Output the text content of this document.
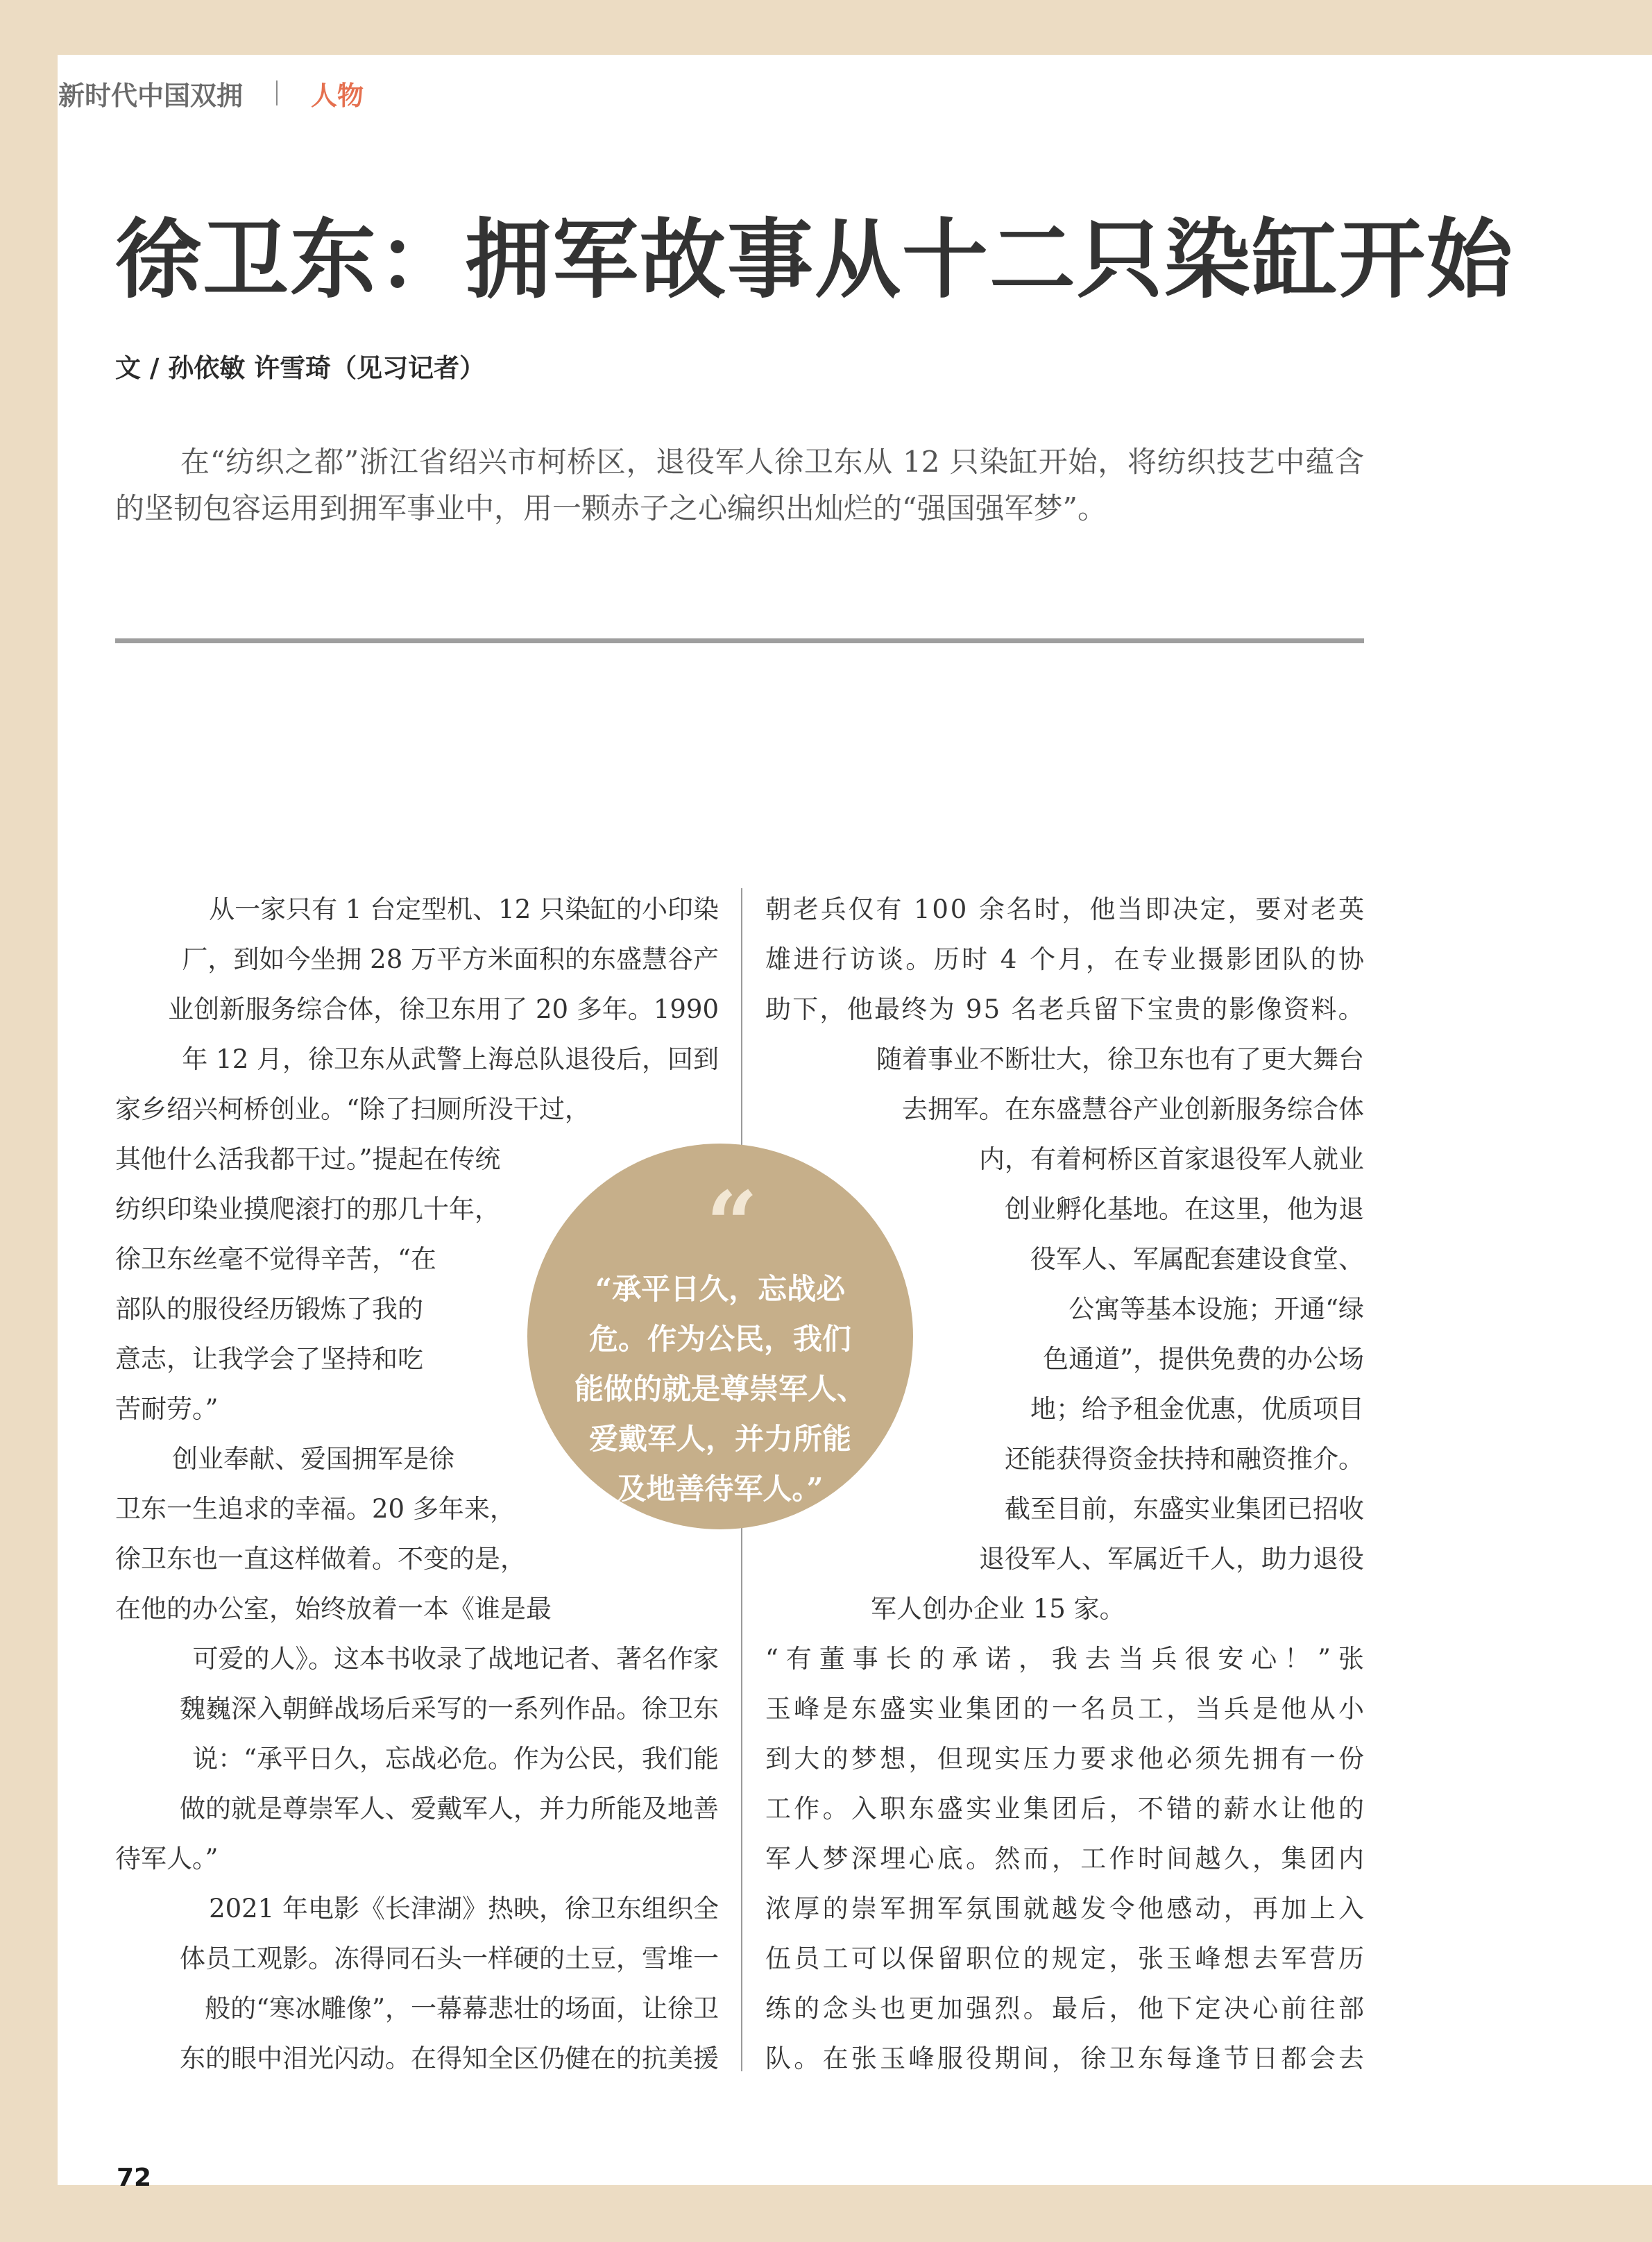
新时代中国双拥	人物
徐卫东：拥军故事从十二只染缸开始
文 / 孙依敏 许雪琦（见习记者）
在“纺织之都”浙江省绍兴市柯桥区，退役军人徐卫东从 12 只染缸开始，将纺织技艺中蕴含的坚韧包容运用到拥军事业中，用一颗赤子之心编织出灿烂的“强国强军梦”。
从一家只有 1 台定型机、12 只染缸的小印染
厂，到如今坐拥 28 万平方米面积的东盛慧谷产
业创新服务综合体，徐卫东用了 20 多年。1990
年 12 月，徐卫东从武警上海总队退役后，回到
家乡绍兴柯桥创业。“除了扫厕所没干过，
其他什么活我都干过。”提起在传统
纺织印染业摸爬滚打的那几十年，
徐卫东丝毫不觉得辛苦，“在
部队的服役经历锻炼了我的
意志，让我学会了坚持和吃
苦耐劳。”
创业奉献、爱国拥军是徐
卫东一生追求的幸福。20 多年来，
徐卫东也一直这样做着。不变的是，
在他的办公室，始终放着一本《谁是最
可爱的人》。这本书收录了战地记者、著名作家
魏巍深入朝鲜战场后采写的一系列作品。徐卫东
说：“承平日久，忘战必危。作为公民，我们能
做的就是尊崇军人、爱戴军人，并力所能及地善
待军人。”
2021 年电影《长津湖》热映，徐卫东组织全
体员工观影。冻得同石头一样硬的土豆，雪堆一
般的“寒冰雕像”，一幕幕悲壮的场面，让徐卫
东的眼中泪光闪动。在得知全区仍健在的抗美援
朝老兵仅有 100 余名时，他当即决定，要对老英
雄进行访谈。历时 4 个月，在专业摄影团队的协
助下，他最终为 95 名老兵留下宝贵的影像资料。
随着事业不断壮大，徐卫东也有了更大舞台
去拥军。在东盛慧谷产业创新服务综合体
内，有着柯桥区首家退役军人就业
创业孵化基地。在这里，他为退
役军人、军属配套建设食堂、
公寓等基本设施；开通“绿
色通道”，提供免费的办公场
地；给予租金优惠，优质项目
还能获得资金扶持和融资推介。
截至目前，东盛实业集团已招收
退役军人、军属近千人，助力退役
军人创办企业 15 家。
“有董事长的承诺，我去当兵很安心！”张
玉峰是东盛实业集团的一名员工，当兵是他从小
到大的梦想，但现实压力要求他必须先拥有一份
工作。入职东盛实业集团后，不错的薪水让他的
军人梦深埋心底。然而，工作时间越久，集团内
浓厚的崇军拥军氛围就越发令他感动，再加上入
伍员工可以保留职位的规定，张玉峰想去军营历
练的念头也更加强烈。最后，他下定决心前往部
队。在张玉峰服役期间，徐卫东每逢节日都会去
“
“承平日久，忘战必
危。作为公民，我们
能做的就是尊崇军人、
爱戴军人，并力所能
及地善待军人。”
72
